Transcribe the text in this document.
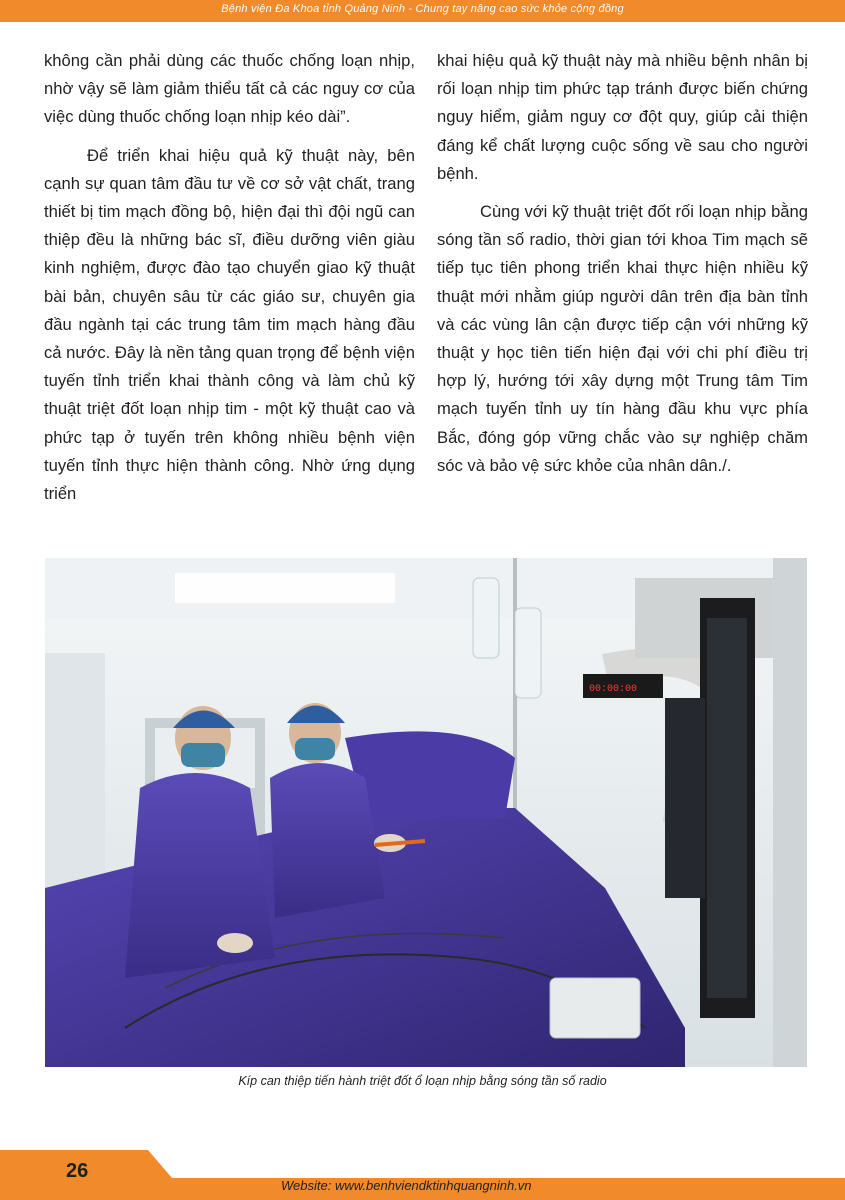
Bệnh viện Đa Khoa tỉnh Quảng Ninh - Chung tay nâng cao sức khỏe cộng đồng

không cần phải dùng các thuốc chống loạn nhịp, nhờ vậy sẽ làm giảm thiểu tất cả các nguy cơ của việc dùng thuốc chống loạn nhịp kéo dài”.

Để triển khai hiệu quả kỹ thuật này, bên cạnh sự quan tâm đầu tư về cơ sở vật chất, trang thiết bị tim mạch đồng bộ, hiện đại thì đội ngũ can thiệp đều là những bác sĩ, điều dưỡng viên giàu kinh nghiệm, được đào tạo chuyển giao kỹ thuật bài bản, chuyên sâu từ các giáo sư, chuyên gia đầu ngành tại các trung tâm tim mạch hàng đầu cả nước. Đây là nền tảng quan trọng để bệnh viện tuyến tỉnh triển khai thành công và làm chủ kỹ thuật triệt đốt loạn nhịp tim - một kỹ thuật cao và phức tạp ở tuyến trên không nhiều bệnh viện tuyến tỉnh thực hiện thành công. Nhờ ứng dụng triển

khai hiệu quả kỹ thuật này mà nhiều bệnh nhân bị rối loạn nhịp tim phức tạp tránh được biến chứng nguy hiểm, giảm nguy cơ đột quy, giúp cải thiện đáng kể chất lượng cuộc sống về sau cho người bệnh.

Cùng với kỹ thuật triệt đốt rối loạn nhịp bằng sóng tần số radio, thời gian tới khoa Tim mạch sẽ tiếp tục tiên phong triển khai thực hiện nhiều kỹ thuật mới nhằm giúp người dân trên địa bàn tỉnh và các vùng lân cận được tiếp cận với những kỹ thuật y học tiên tiến hiện đại với chi phí điều trị hợp lý, hướng tới xây dựng một Trung tâm Tim mạch tuyến tỉnh uy tín hàng đầu khu vực phía Bắc, đóng góp vững chắc vào sự nghiệp chăm sóc và bảo vệ sức khỏe của nhân dân./.

00:00:00
Kíp can thiệp tiến hành triệt đốt ổ loạn nhịp bằng sóng tần số radio
26
Website: www.benhviendktinhquangninh.vn
